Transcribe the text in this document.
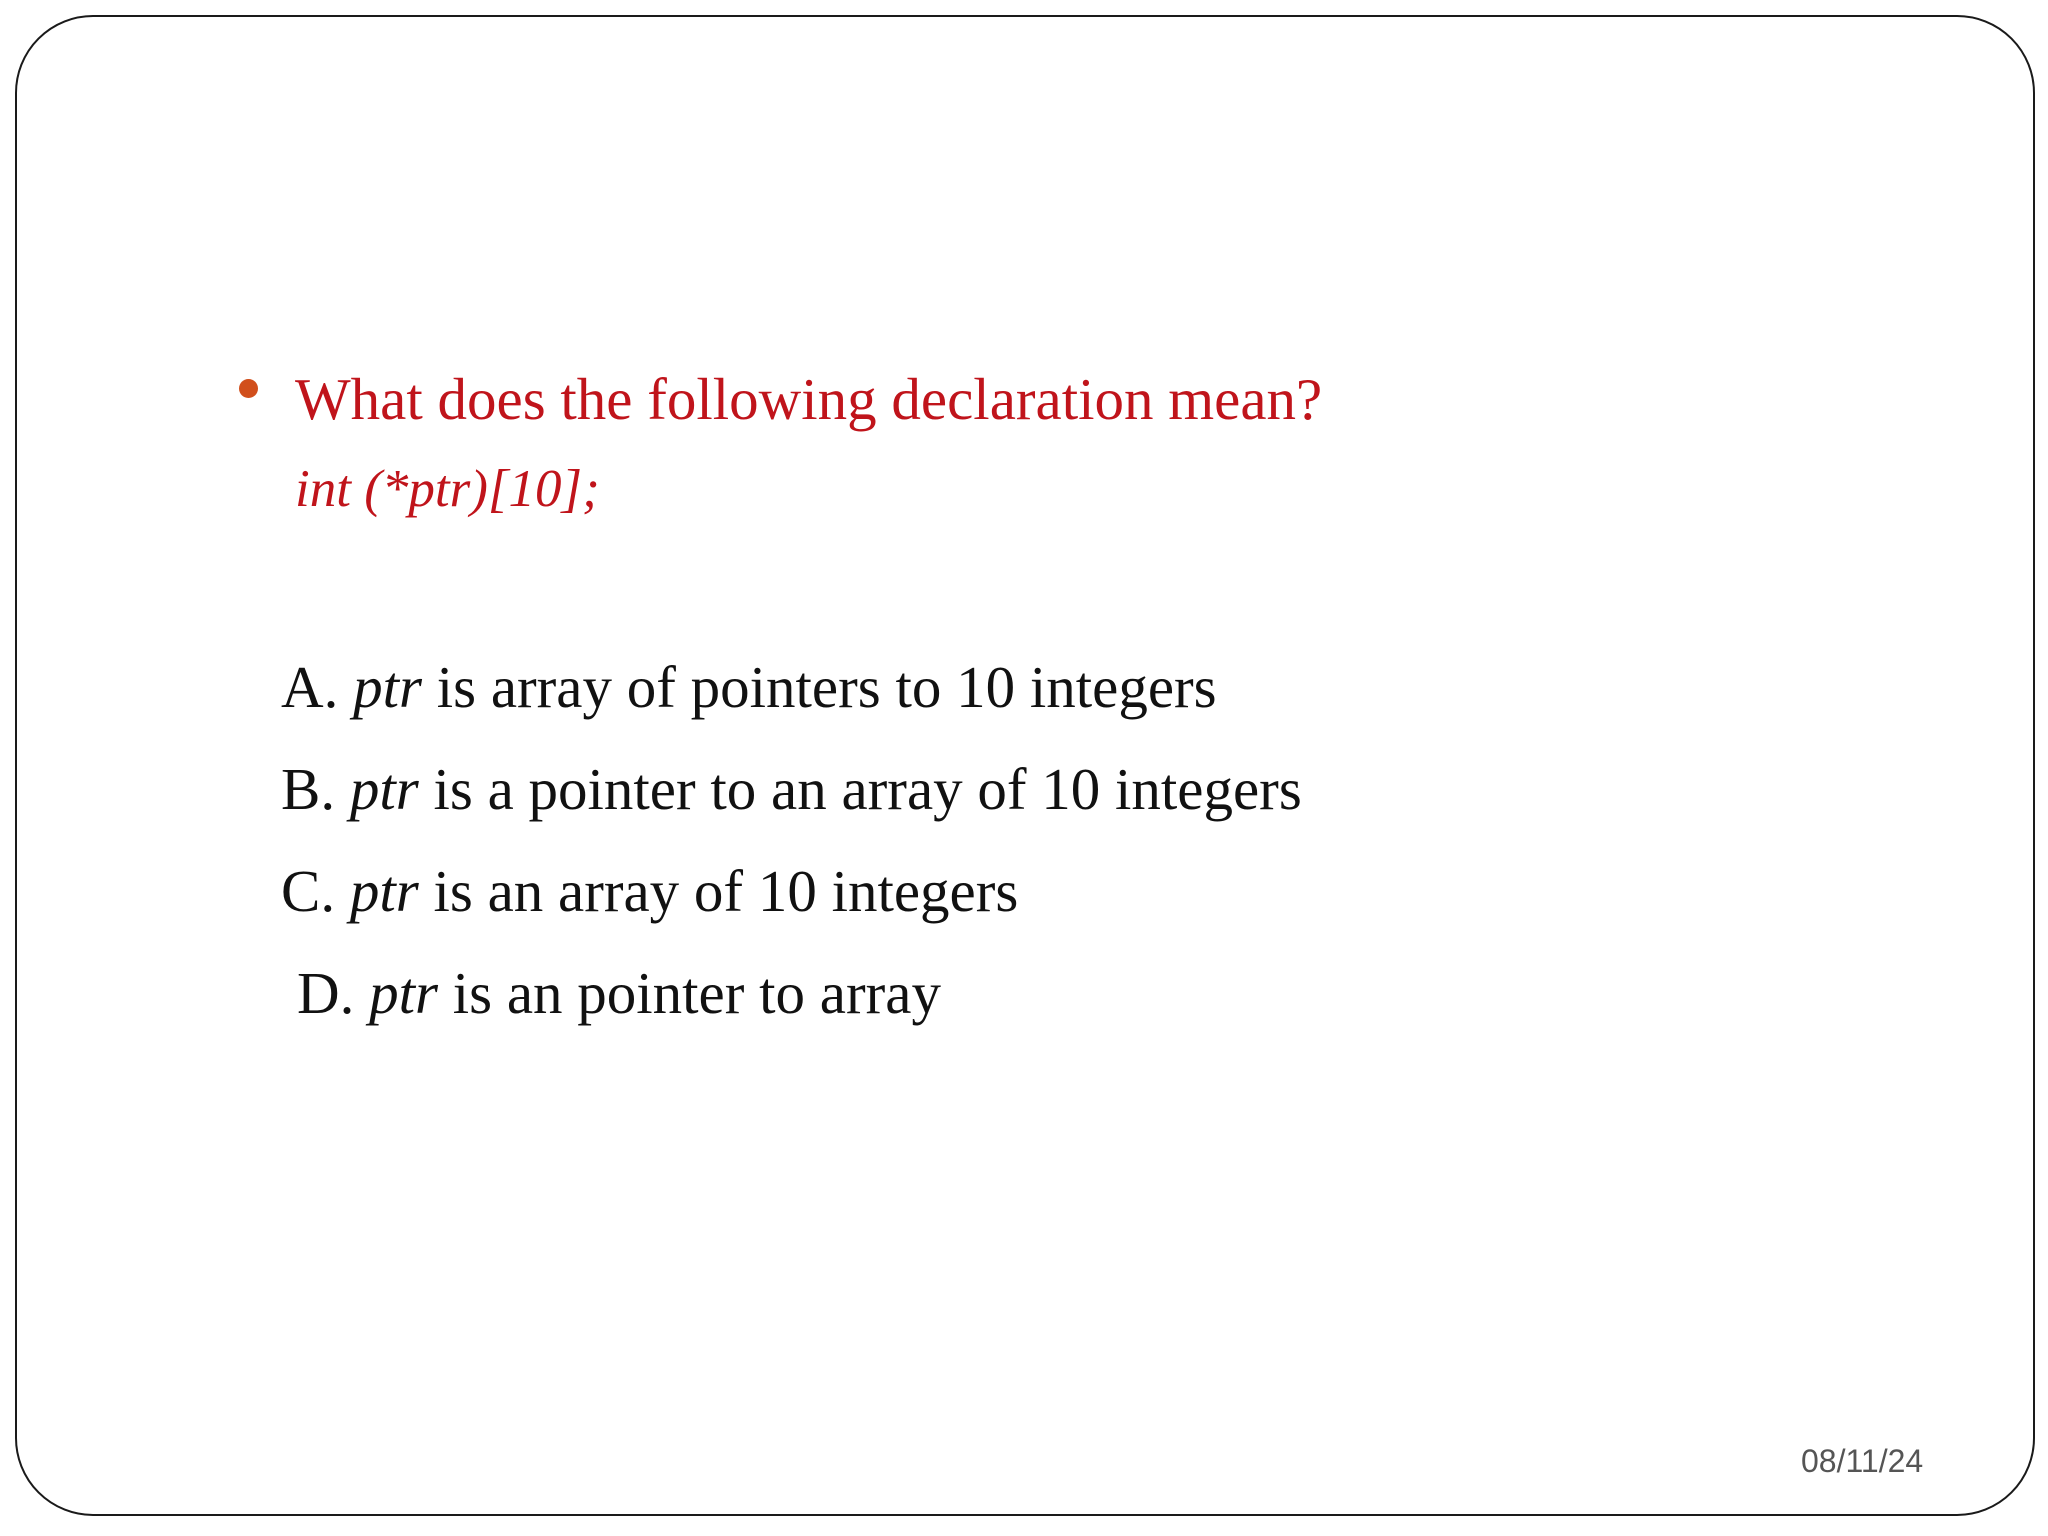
What does the following declaration mean?
int (*ptr)[10];
A. ptr is array of pointers to 10 integers
B. ptr is a pointer to an array of 10 integers
C. ptr is an array of 10 integers
D. ptr is an pointer to array
08/11/24
